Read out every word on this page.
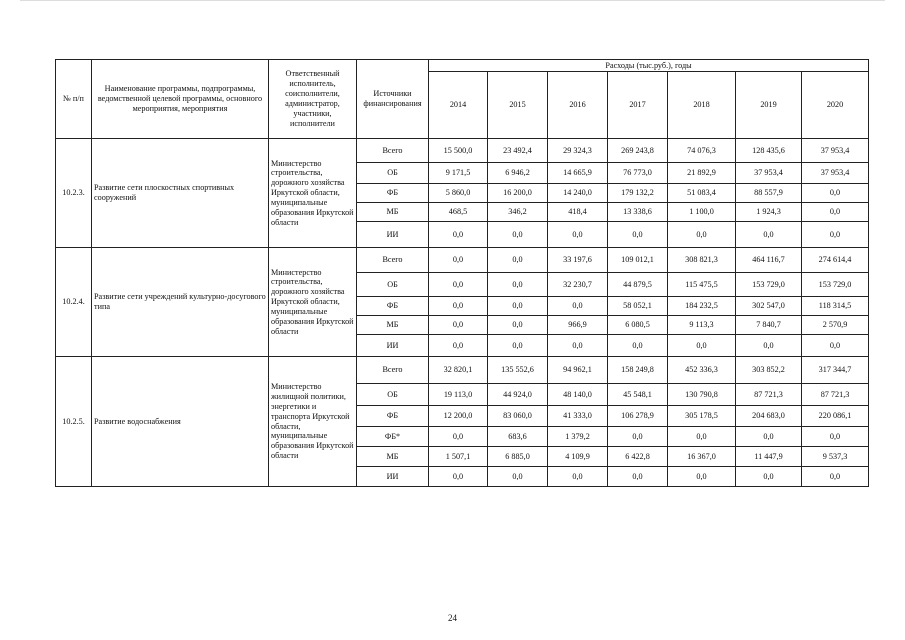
№ п/п	Наименование программы, подпрограммы, ведомственной целевой программы, основного мероприятия, мероприятия	Ответственный исполнитель, соисполнители, администратор, участники, исполнители	Источники финансирования	Расходы (тыс.руб.), годы						
				2014	2015	2016	2017	2018	2019	2020
10.2.3.	Развитие сети плоскостных спортивных сооружений	Министерство строительства, дорожного хозяйства Иркутской области, муниципальные образования Иркутской области	Всего	15 500,0	23 492,4	29 324,3	269 243,8	74 076,3	128 435,6	37 953,4
			ОБ	9 171,5	6 946,2	14 665,9	76 773,0	21 892,9	37 953,4	37 953,4
			ФБ	5 860,0	16 200,0	14 240,0	179 132,2	51 083,4	88 557,9	0,0
			МБ	468,5	346,2	418,4	13 338,6	1 100,0	1 924,3	0,0
			ИИ	0,0	0,0	0,0	0,0	0,0	0,0	0,0
10.2.4.	Развитие сети учреждений культурно-досугового типа	Министерство строительства, дорожного хозяйства Иркутской области, муниципальные образования Иркутской области	Всего	0,0	0,0	33 197,6	109 012,1	308 821,3	464 116,7	274 614,4
			ОБ	0,0	0,0	32 230,7	44 879,5	115 475,5	153 729,0	153 729,0
			ФБ	0,0	0,0	0,0	58 052,1	184 232,5	302 547,0	118 314,5
			МБ	0,0	0,0	966,9	6 080,5	9 113,3	7 840,7	2 570,9
			ИИ	0,0	0,0	0,0	0,0	0,0	0,0	0,0
10.2.5.	Развитие водоснабжения	Министерство жилищной политики, энергетики и транспорта Иркутской области, муниципальные образования Иркутской области	Всего	32 820,1	135 552,6	94 962,1	158 249,8	452 336,3	303 852,2	317 344,7
			ОБ	19 113,0	44 924,0	48 140,0	45 548,1	130 790,8	87 721,3	87 721,3
			ФБ	12 200,0	83 060,0	41 333,0	106 278,9	305 178,5	204 683,0	220 086,1
			ФБ*	0,0	683,6	1 379,2	0,0	0,0	0,0	0,0
			МБ	1 507,1	6 885,0	4 109,9	6 422,8	16 367,0	11 447,9	9 537,3
			ИИ	0,0	0,0	0,0	0,0	0,0	0,0	0,0
24
